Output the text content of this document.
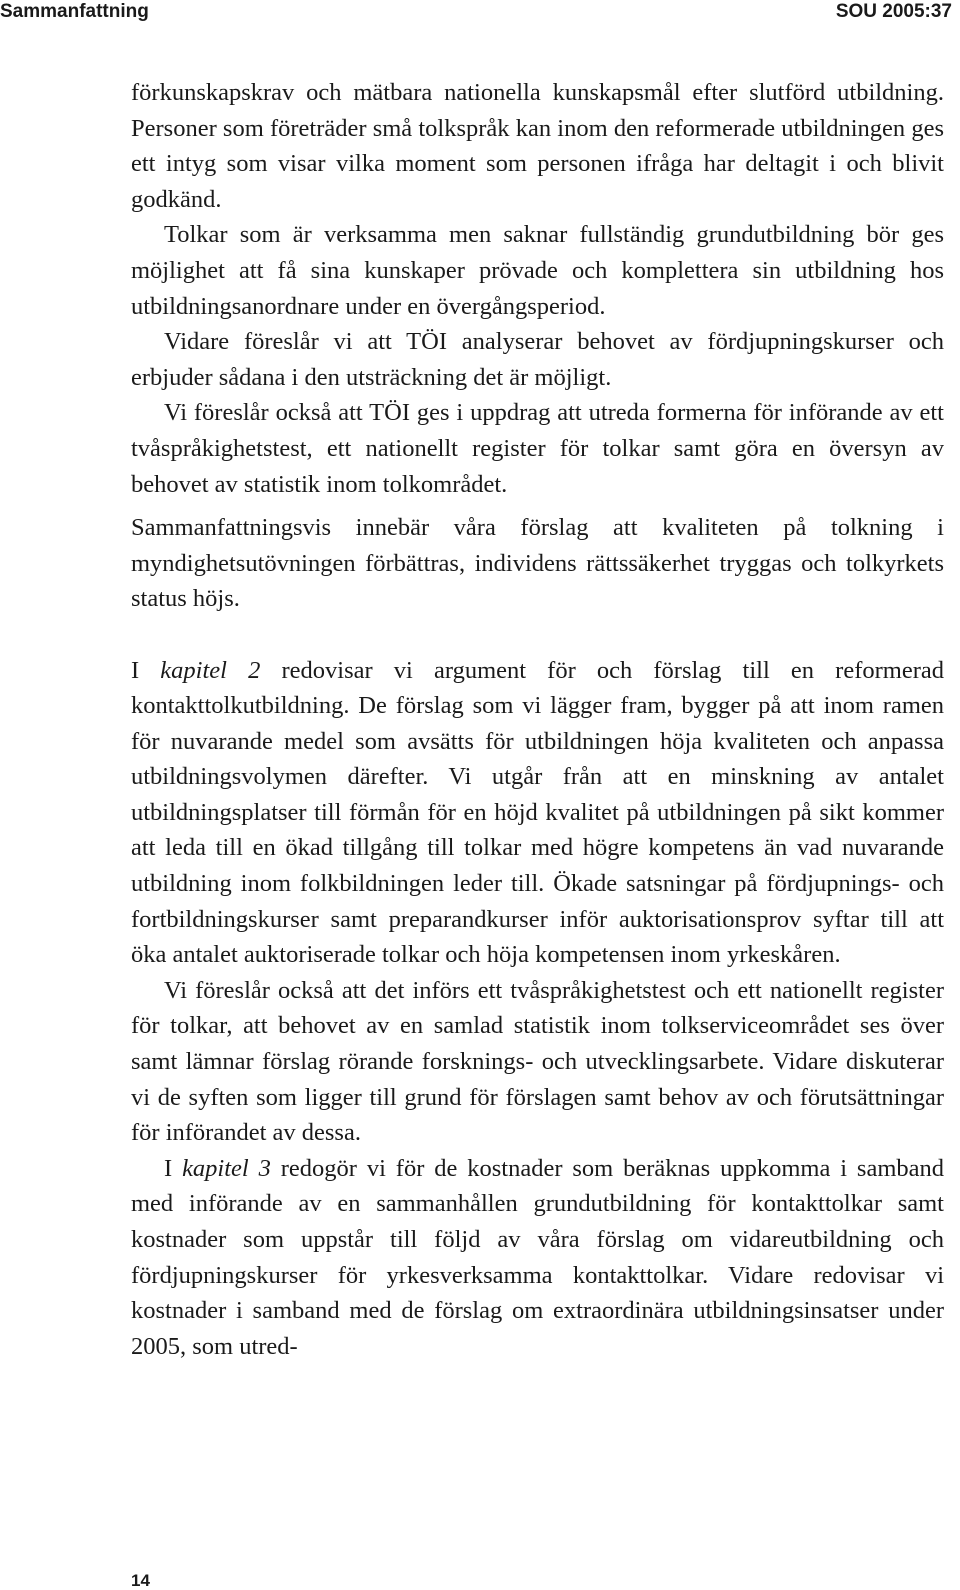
Sammanfattning	SOU 2005:37

förkunskapskrav och mätbara nationella kunskapsmål efter slutförd utbildning. Personer som företräder små tolkspråk kan inom den reformerade utbildningen ges ett intyg som visar vilka moment som personen ifråga har deltagit i och blivit godkänd.

Tolkar som är verksamma men saknar fullständig grundutbildning bör ges möjlighet att få sina kunskaper prövade och komplettera sin utbildning hos utbildningsanordnare under en övergångsperiod.

Vidare föreslår vi att TÖI analyserar behovet av fördjupningskurser och erbjuder sådana i den utsträckning det är möjligt.

Vi föreslår också att TÖI ges i uppdrag att utreda formerna för införande av ett tvåspråkighetstest, ett nationellt register för tolkar samt göra en översyn av behovet av statistik inom tolkområdet.

Sammanfattningsvis innebär våra förslag att kvaliteten på tolkning i myndighetsutövningen förbättras, individens rättssäkerhet tryggas och tolkyrkets status höjs.

I kapitel 2 redovisar vi argument för och förslag till en reformerad kontakttolkutbildning. De förslag som vi lägger fram, bygger på att inom ramen för nuvarande medel som avsätts för utbildningen höja kvaliteten och anpassa utbildningsvolymen därefter. Vi utgår från att en minskning av antalet utbildningsplatser till förmån för en höjd kvalitet på utbildningen på sikt kommer att leda till en ökad tillgång till tolkar med högre kompetens än vad nuvarande utbildning inom folkbildningen leder till. Ökade satsningar på fördjupnings- och fortbildningskurser samt preparandkurser inför auktorisationsprov syftar till att öka antalet auktoriserade tolkar och höja kompetensen inom yrkeskåren.

Vi föreslår också att det införs ett tvåspråkighetstest och ett nationellt register för tolkar, att behovet av en samlad statistik inom tolkserviceområdet ses över samt lämnar förslag rörande forsknings- och utvecklingsarbete. Vidare diskuterar vi de syften som ligger till grund för förslagen samt behov av och förutsättningar för införandet av dessa.

I kapitel 3 redogör vi för de kostnader som beräknas uppkomma i samband med införande av en sammanhållen grundutbildning för kontakttolkar samt kostnader som uppstår till följd av våra förslag om vidareutbildning och fördjupningskurser för yrkesverksamma kontakttolkar. Vidare redovisar vi kostnader i samband med de förslag om extraordinära utbildningsinsatser under 2005, som utred-

14
